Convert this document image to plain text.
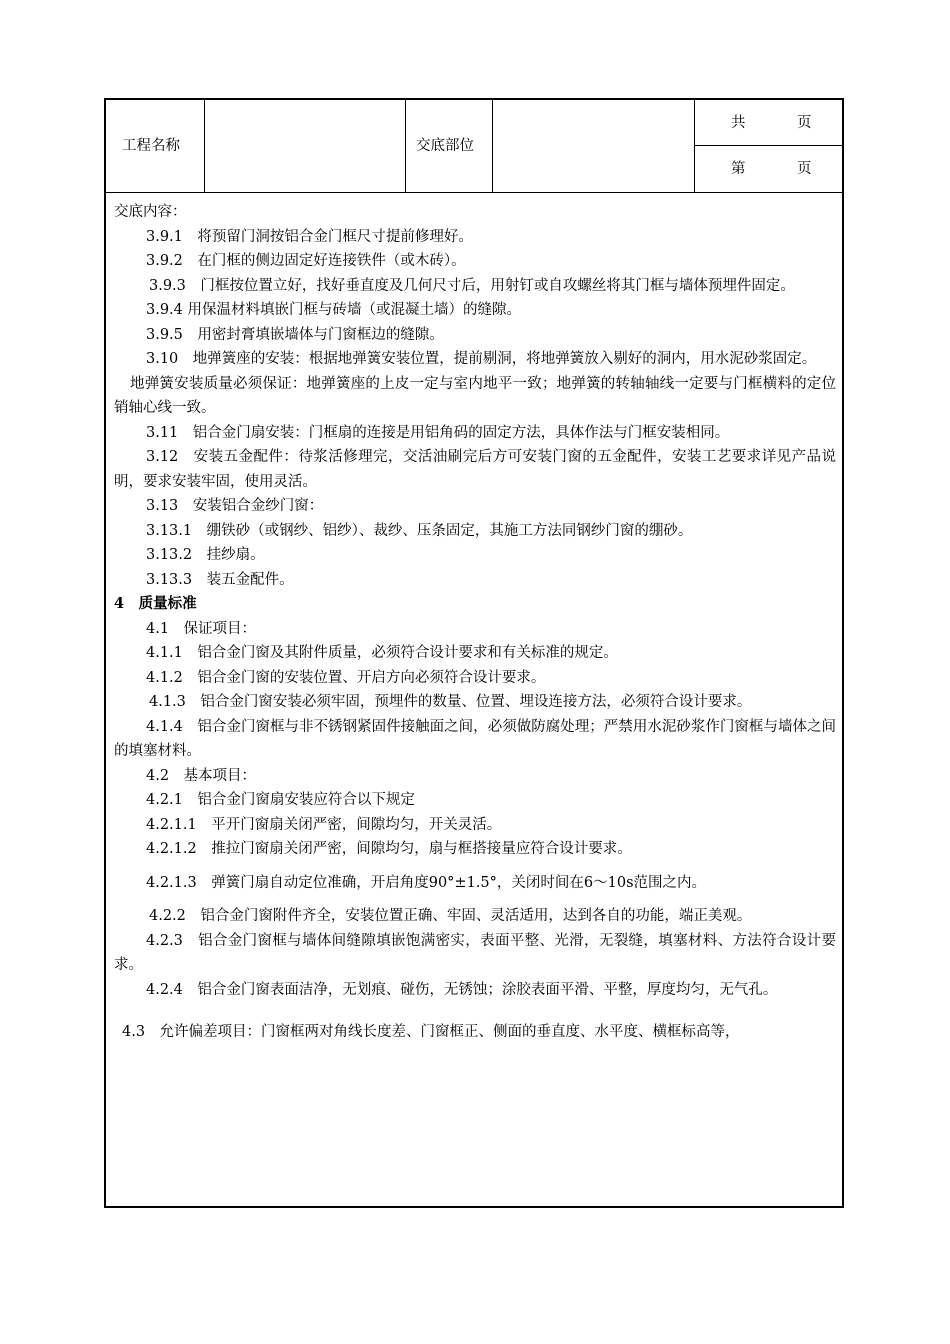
工程名称	交底部位
共	页
第	页

交底内容：

3.9.1　将预留门洞按铝合金门框尺寸提前修理好。

3.9.2　在门框的侧边固定好连接铁件（或木砖）。

3.9.3　门框按位置立好，找好垂直度及几何尺寸后，用射钉或自攻螺丝将其门框与墙体预埋件固定。

3.9.4 用保温材料填嵌门框与砖墙（或混凝土墙）的缝隙。

3.9.5　用密封膏填嵌墙体与门窗框边的缝隙。

3.10　地弹簧座的安装：根据地弹簧安装位置，提前剔洞，将地弹簧放入剔好的洞内，用水泥砂浆固定。

地弹簧安装质量必须保证：地弹簧座的上皮一定与室内地平一致；地弹簧的转轴轴线一定要与门框横料的定位销轴心线一致。

3.11　铝合金门扇安装：门框扇的连接是用铝角码的固定方法，具体作法与门框安装相同。

3.12　安装五金配件：待浆活修理完，交活油刷完后方可安装门窗的五金配件，安装工艺要求详见产品说明，要求安装牢固，使用灵活。

3.13　安装铝合金纱门窗：

3.13.1　绷铁砂（或钢纱、铝纱）、裁纱、压条固定，其施工方法同钢纱门窗的绷砂。

3.13.2　挂纱扇。

3.13.3　装五金配件。

4　质量标准

4.1　保证项目：

4.1.1　铝合金门窗及其附件质量，必须符合设计要求和有关标准的规定。

4.1.2　铝合金门窗的安装位置、开启方向必须符合设计要求。

4.1.3　铝合金门窗安装必须牢固，预埋件的数量、位置、埋设连接方法，必须符合设计要求。

4.1.4　铝合金门窗框与非不锈钢紧固件接触面之间，必须做防腐处理；严禁用水泥砂浆作门窗框与墙体之间的填塞材料。

4.2　基本项目：

4.2.1　铝合金门窗扇安装应符合以下规定

4.2.1.1　平开门窗扇关闭严密，间隙均匀，开关灵活。

4.2.1.2　推拉门窗扇关闭严密，间隙均匀，扇与框搭接量应符合设计要求。

4.2.1.3　弹簧门扇自动定位准确，开启角度90°±1.5°，关闭时间在6～10s范围之内。

4.2.2　铝合金门窗附件齐全，安装位置正确、牢固、灵活适用，达到各自的功能，端正美观。

4.2.3　铝合金门窗框与墙体间缝隙填嵌饱满密实，表面平整、光滑，无裂缝，填塞材料、方法符合设计要求。

4.2.4　铝合金门窗表面洁净，无划痕、碰伤，无锈蚀；涂胶表面平滑、平整，厚度均匀，无气孔。

4.3　允许偏差项目：门窗框两对角线长度差、门窗框正、侧面的垂直度、水平度、横框标高等，
